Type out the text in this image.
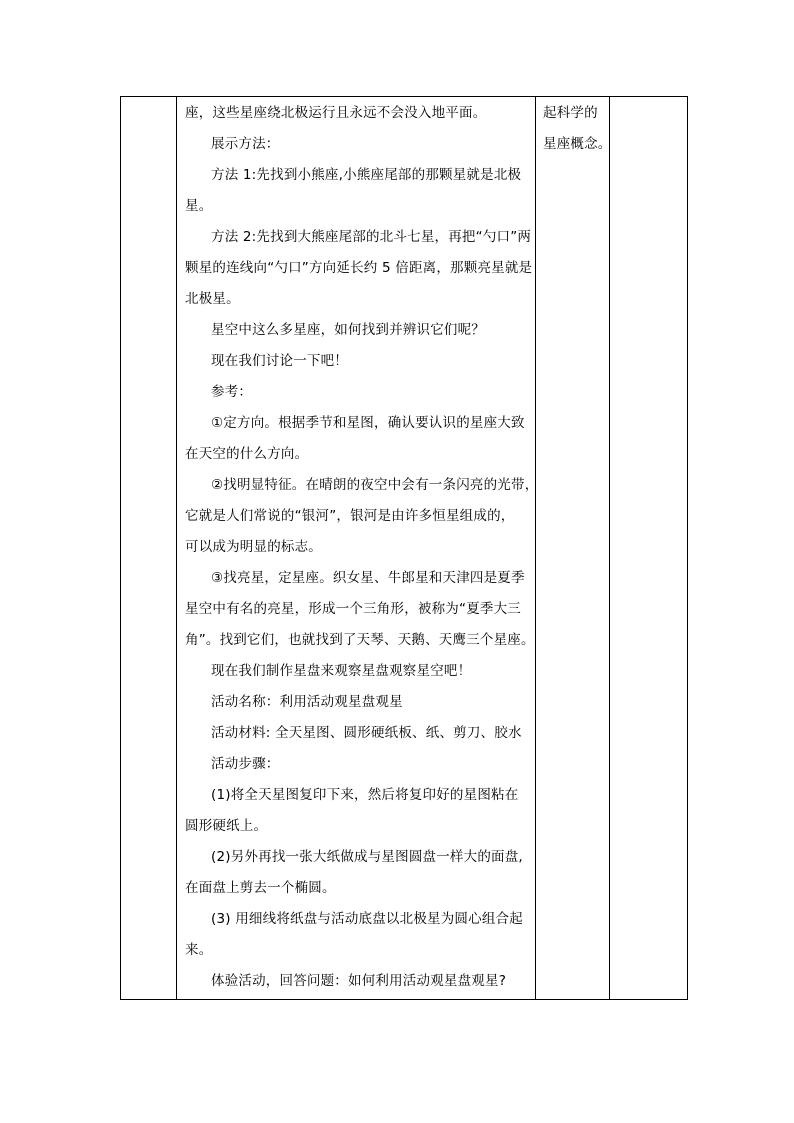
座，这些星座绕北极运行且永远不会没入地平面。
展示方法：
方法 1:先找到小熊座,小熊座尾部的那颗星就是北极
星。
方法 2:先找到大熊座尾部的北斗七星，再把“勺口”两
颗星的连线向“勺口”方向延长约 5 倍距离，那颗亮星就是
北极星。
星空中这么多星座，如何找到并辨识它们呢？
现在我们讨论一下吧！
参考：
①定方向。根据季节和星图，确认要认识的星座大致
在天空的什么方向。
②找明显特征。在晴朗的夜空中会有一条闪亮的光带，
它就是人们常说的“银河”，银河是由许多恒星组成的，
可以成为明显的标志。
③找亮星，定星座。织女星、牛郎星和天津四是夏季
星空中有名的亮星，形成一个三角形，被称为“夏季大三
角”。找到它们，也就找到了天琴、天鹅、天鹰三个星座。
现在我们制作星盘来观察星盘观察星空吧！
活动名称：利用活动观星盘观星
活动材料: 全天星图、圆形硬纸板、纸、剪刀、胶水
活动步骤：
(1)将全天星图复印下来，然后将复印好的星图粘在
圆形硬纸上。
(2)另外再找一张大纸做成与星图圆盘一样大的面盘,
在面盘上剪去一个椭圆。
(3) 用细线将纸盘与活动底盘以北极星为圆心组合起
来。
体验活动，回答问题：如何利用活动观星盘观星?
起科学的
星座概念。
